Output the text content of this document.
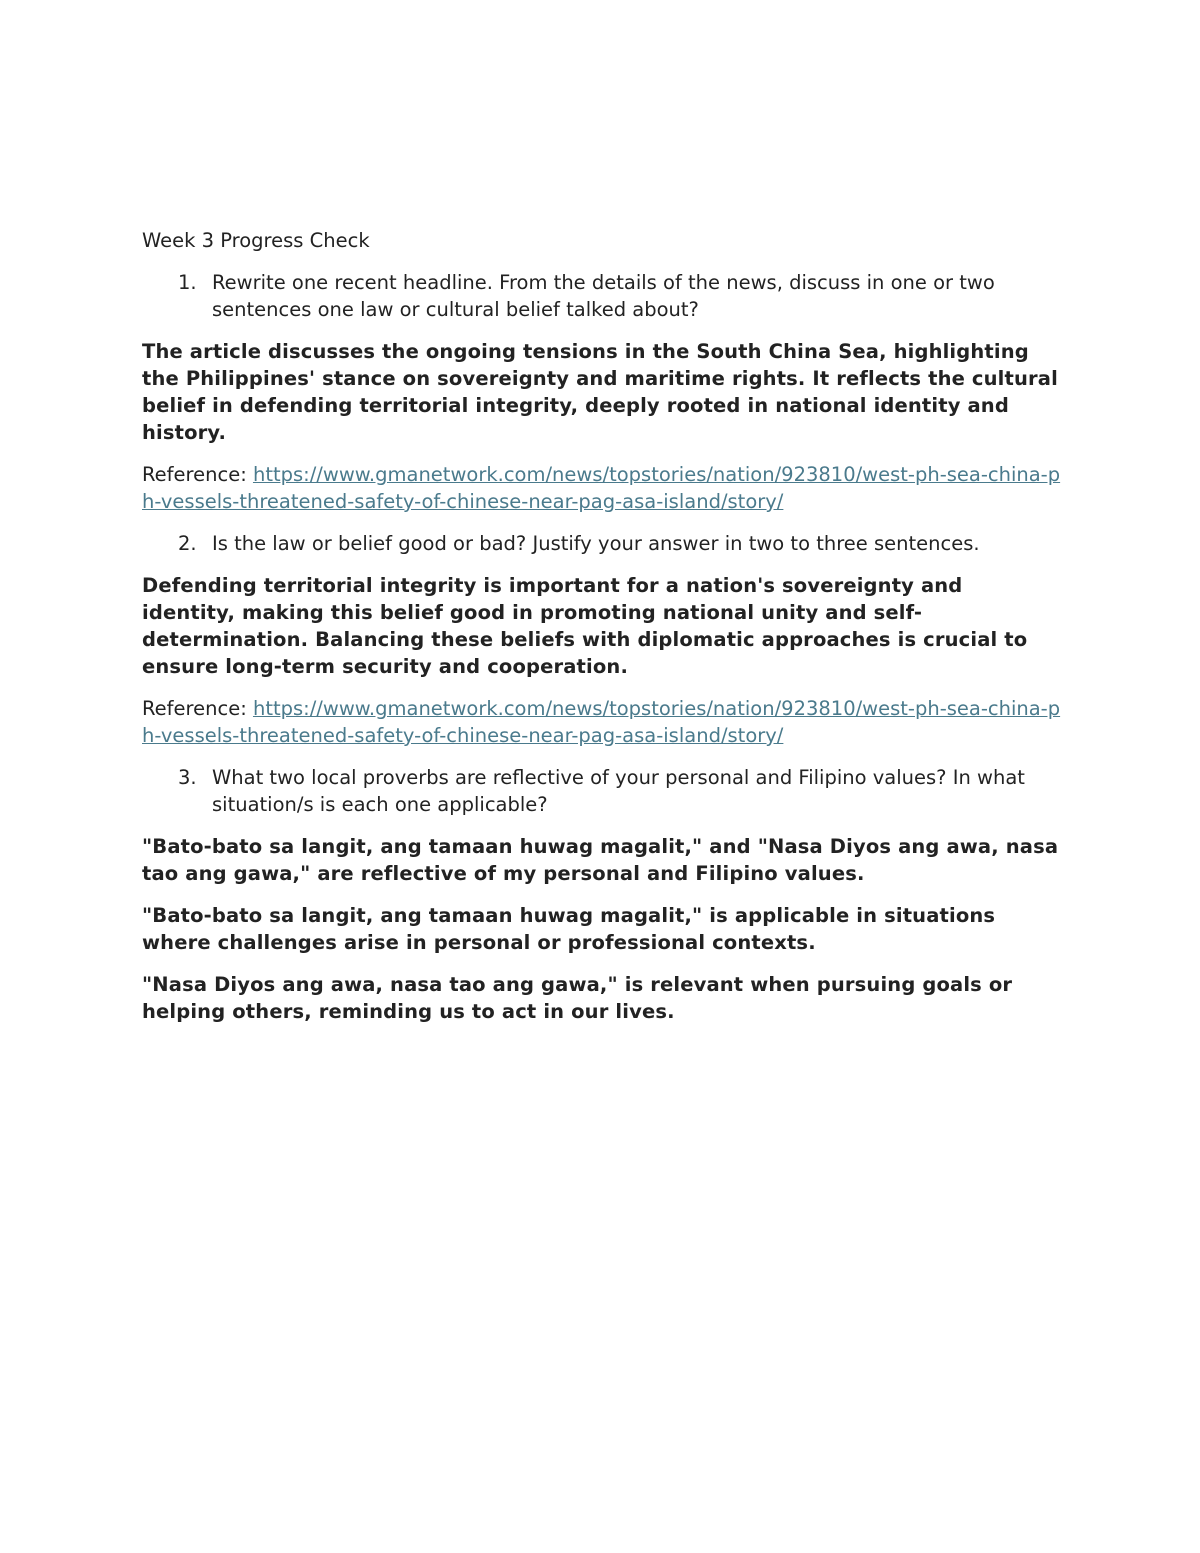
Week 3 Progress Check
1. Rewrite one recent headline. From the details of the news, discuss in one or two sentences one law or cultural belief talked about?

The article discusses the ongoing tensions in the South China Sea, highlighting the Philippines' stance on sovereignty and maritime rights. It reflects the cultural belief in defending territorial integrity, deeply rooted in national identity and history.

Reference: https://www.gmanetwork.com/news/topstories/nation/923810/west-ph-sea-china-ph-vessels-threatened-safety-of-chinese-near-pag-asa-island/story/

2. Is the law or belief good or bad? Justify your answer in two to three sentences.

Defending territorial integrity is important for a nation's sovereignty and identity, making this belief good in promoting national unity and self-determination. Balancing these beliefs with diplomatic approaches is crucial to ensure long-term security and cooperation.

Reference: https://www.gmanetwork.com/news/topstories/nation/923810/west-ph-sea-china-ph-vessels-threatened-safety-of-chinese-near-pag-asa-island/story/

3. What two local proverbs are reflective of your personal and Filipino values? In what situation/s is each one applicable?

"Bato-bato sa langit, ang tamaan huwag magalit," and "Nasa Diyos ang awa, nasa tao ang gawa," are reflective of my personal and Filipino values.

"Bato-bato sa langit, ang tamaan huwag magalit," is applicable in situations where challenges arise in personal or professional contexts.

"Nasa Diyos ang awa, nasa tao ang gawa," is relevant when pursuing goals or helping others, reminding us to act in our lives.
